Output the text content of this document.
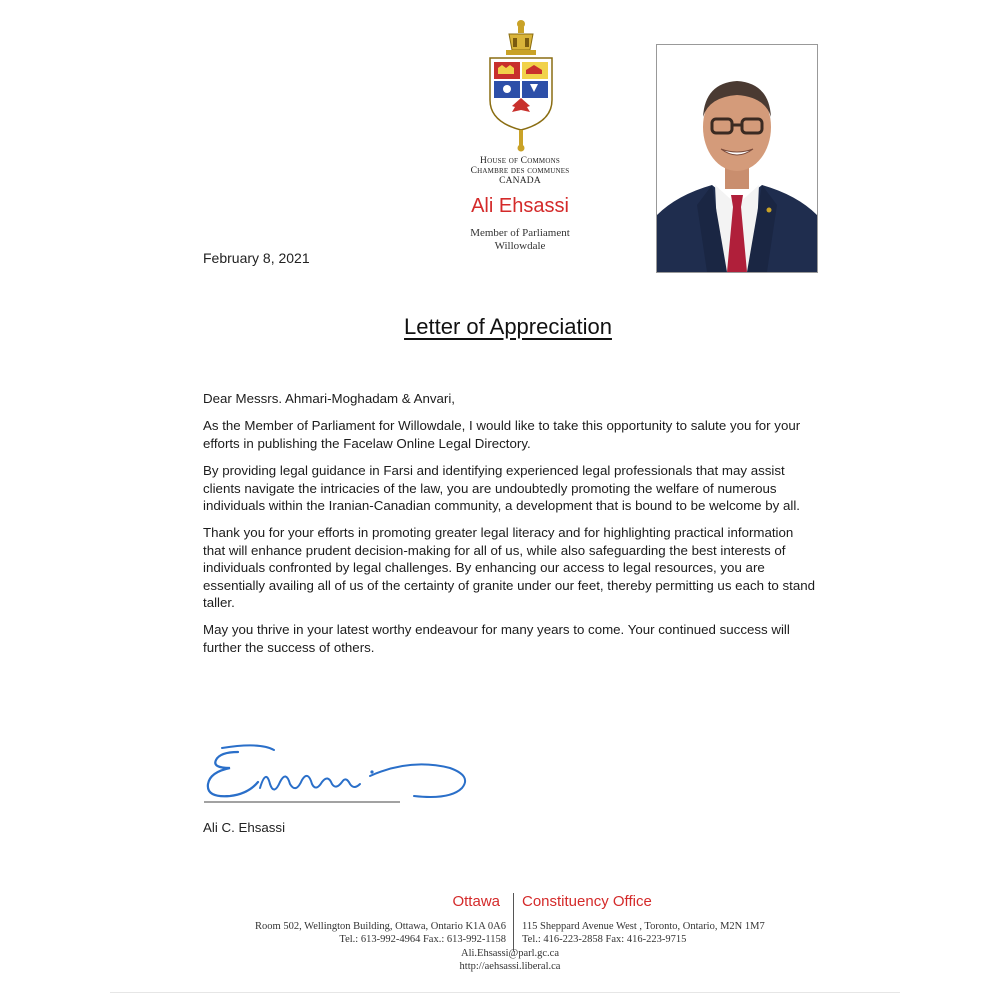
House of Commons
Chambre des communes
CANADA
Ali Ehsassi
Member of Parliament
Willowdale
February 8, 2021
Letter of Appreciation

Dear Messrs. Ahmari-Moghadam & Anvari,

As the Member of Parliament for Willowdale, I would like to take this opportunity to salute you for your efforts in publishing the Facelaw Online Legal Directory.

By providing legal guidance in Farsi and identifying experienced legal professionals that may assist clients navigate the intricacies of the law, you are undoubtedly promoting the welfare of numerous individuals within the Iranian-Canadian community, a development that is bound to be welcome by all.

Thank you for your efforts in promoting greater legal literacy and for highlighting practical information that will enhance prudent decision-making for all of us, while also safeguarding the best interests of individuals confronted by legal challenges. By enhancing our access to legal resources, you are essentially availing all of us of the certainty of granite under our feet, thereby permitting us each to stand taller.

May you thrive in your latest worthy endeavour for many years to come. Your continued success will further the success of others.

Ali C. Ehsassi
Ottawa Constituency Office
Room 502, Wellington Building, Ottawa, Ontario K1A 0A6
Tel.: 613-992-4964 Fax.: 613-992-1158
115 Sheppard Avenue West , Toronto, Ontario, M2N 1M7
Tel.: 416-223-2858 Fax: 416-223-9715
Ali.Ehsassi@parl.gc.ca
http://aehsassi.liberal.ca
